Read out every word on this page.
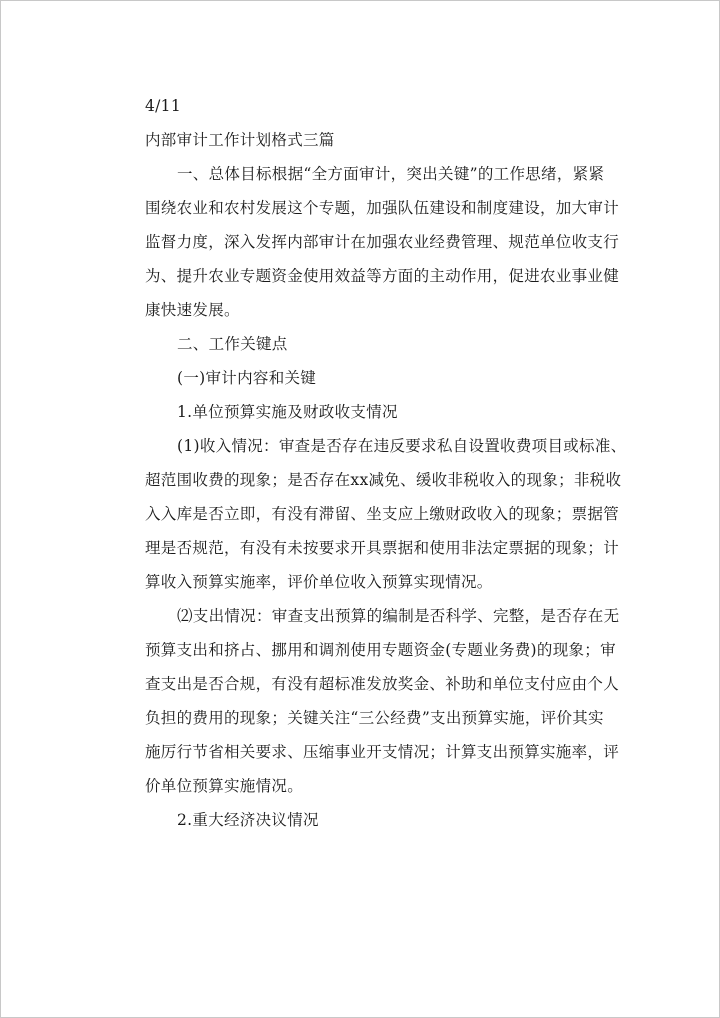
4/11
内部审计工作计划格式三篇
一、总体目标根据“全方面审计，突出关键”的工作思绪，紧紧
围绕农业和农村发展这个专题，加强队伍建设和制度建设，加大审计
监督力度，深入发挥内部审计在加强农业经费管理、规范单位收支行
为、提升农业专题资金使用效益等方面的主动作用，促进农业事业健
康快速发展。
二、工作关键点
(一)审计内容和关键
1.单位预算实施及财政收支情况
(1)收入情况：审查是否存在违反要求私自设置收费项目或标准、
超范围收费的现象；是否存在xx减免、缓收非税收入的现象；非税收
入入库是否立即，有没有滞留、坐支应上缴财政收入的现象；票据管
理是否规范，有没有未按要求开具票据和使用非法定票据的现象；计
算收入预算实施率，评价单位收入预算实现情况。
⑵支出情况：审查支出预算的编制是否科学、完整，是否存在无
预算支出和挤占、挪用和调剂使用专题资金(专题业务费)的现象；审
查支出是否合规，有没有超标准发放奖金、补助和单位支付应由个人
负担的费用的现象；关键关注“三公经费”支出预算实施，评价其实
施厉行节省相关要求、压缩事业开支情况；计算支出预算实施率，评
价单位预算实施情况。
2.重大经济决议情况
